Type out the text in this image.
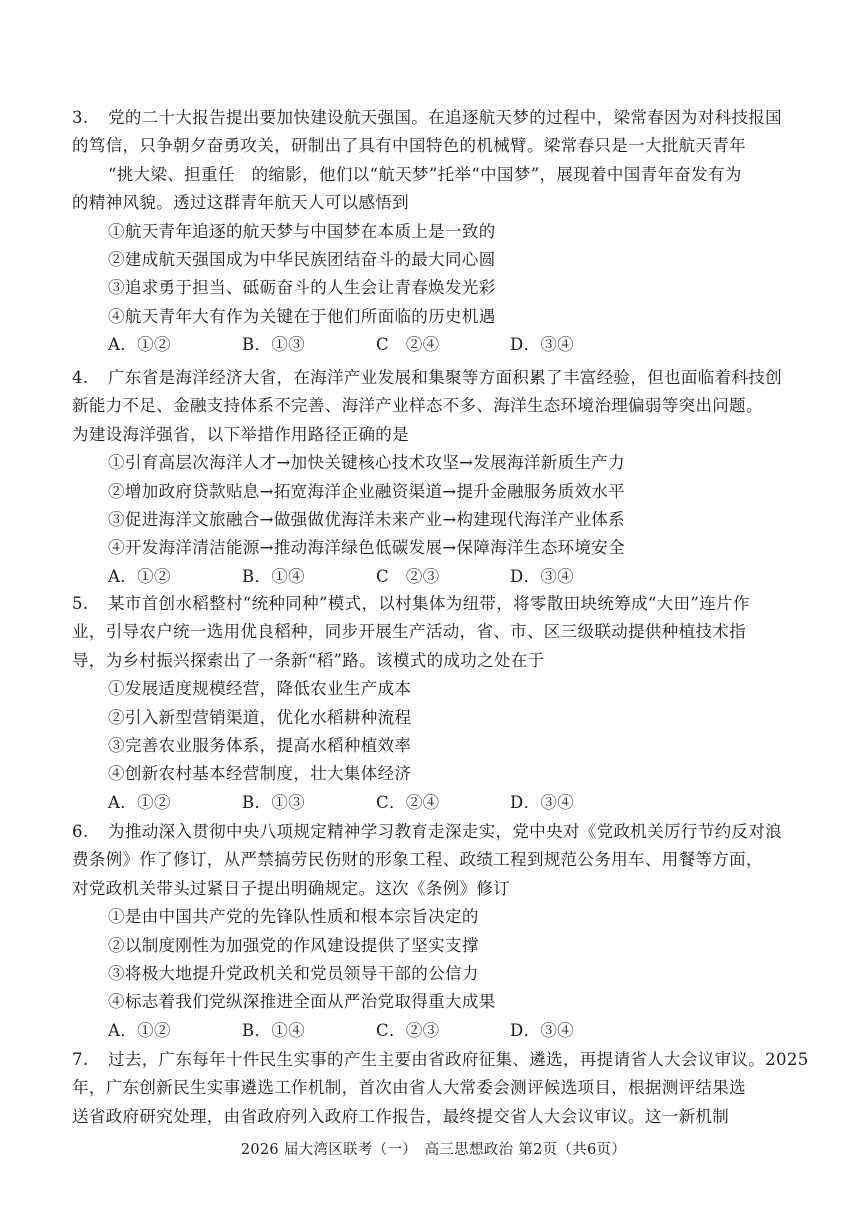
3. 党的二十大报告提出要加快建设航天强国。在追逐航天梦的过程中，梁常春因为对科技报国
的笃信，只争朝夕奋勇攻关，研制出了具有中国特色的机械臂。梁常春只是一大批航天青年
“挑大梁、担重任　的缩影，他们以“航天梦”托举“中国梦”，展现着中国青年奋发有为
的精神风貌。透过这群青年航天人可以感悟到
①航天青年追逐的航天梦与中国梦在本质上是一致的
②建成航天强国成为中华民族团结奋斗的最大同心圆
③追求勇于担当、砥砺奋斗的人生会让青春焕发光彩
④航天青年大有作为关键在于他们所面临的历史机遇
A．①②	B．①③	C　②④	D．③④
4. 广东省是海洋经济大省，在海洋产业发展和集聚等方面积累了丰富经验，但也面临着科技创
新能力不足、金融支持体系不完善、海洋产业样态不多、海洋生态环境治理偏弱等突出问题。
为建设海洋强省，以下举措作用路径正确的是
①引育高层次海洋人才→加快关键核心技术攻坚→发展海洋新质生产力
②增加政府贷款贴息→拓宽海洋企业融资渠道→提升金融服务质效水平
③促进海洋文旅融合→做强做优海洋未来产业→构建现代海洋产业体系
④开发海洋清洁能源→推动海洋绿色低碳发展→保障海洋生态环境安全
A．①②	B．①④	C　②③	D．③④
5. 某市首创水稻整村“统种同种”模式，以村集体为纽带，将零散田块统筹成“大田”连片作
业，引导农户统一选用优良稻种，同步开展生产活动，省、市、区三级联动提供种植技术指
导，为乡村振兴探索出了一条新“稻”路。该模式的成功之处在于
①发展适度规模经营，降低农业生产成本
②引入新型营销渠道，优化水稻耕种流程
③完善农业服务体系，提高水稻种植效率
④创新农村基本经营制度，壮大集体经济
A．①②	B．①③	C．②④	D．③④
6. 为推动深入贯彻中央八项规定精神学习教育走深走实，党中央对《党政机关厉行节约反对浪
费条例》作了修订，从严禁搞劳民伤财的形象工程、政绩工程到规范公务用车、用餐等方面，
对党政机关带头过紧日子提出明确规定。这次《条例》修订
①是由中国共产党的先锋队性质和根本宗旨决定的
②以制度刚性为加强党的作风建设提供了坚实支撑
③将极大地提升党政机关和党员领导干部的公信力
④标志着我们党纵深推进全面从严治党取得重大成果
A．①②	B．①④	C．②③	D．③④
7. 过去，广东每年十件民生实事的产生主要由省政府征集、遴选，再提请省人大会议审议。2025
年，广东创新民生实事遴选工作机制，首次由省人大常委会测评候选项目，根据测评结果选
送省政府研究处理，由省政府列入政府工作报告，最终提交省人大会议审议。这一新机制
2026 届大湾区联考（一）　高三思想政治 第2页（共6页）
